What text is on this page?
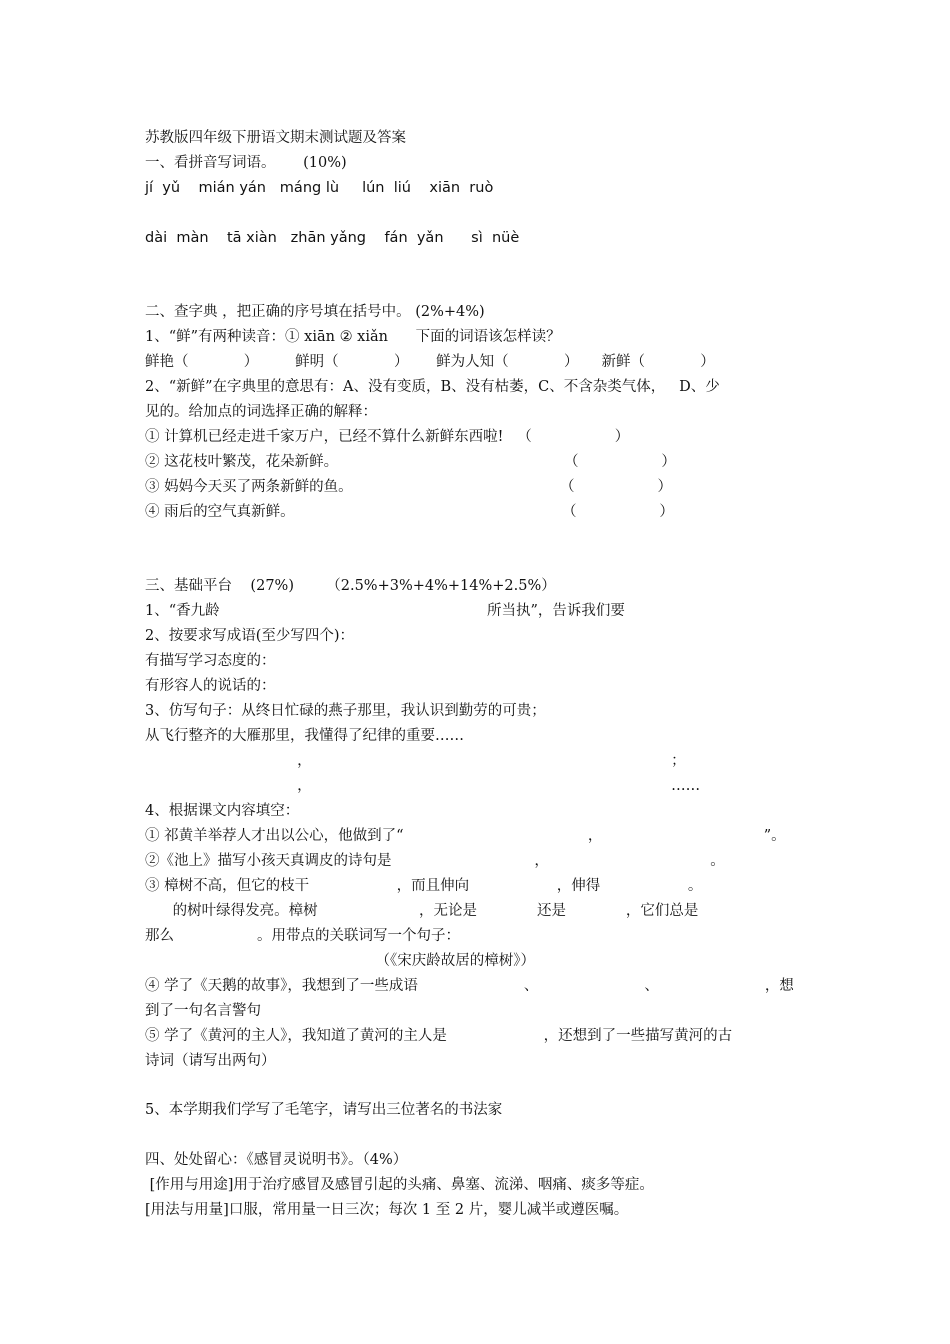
苏教版四年级下册语文期末测试题及答案
一、看拼音写词语。      (10%)
jí  yǔ    mián yán   máng lù     lún  liú    xiān  ruò
dài  màn    tā xiàn   zhān yǎng    fán  yǎn      sì  nüè
二、查字典 ，把正确的序号填在括号中。 (2%+4%)
1、“鲜”有两种读音：① xiān ② xiǎn      下面的词语该怎样读？
鲜艳（            ）        鲜明（            ）      鲜为人知（            ）     新鲜（            ）
2、“新鲜”在字典里的意思有：A、没有变质，B、没有枯萎，C、不含杂类气体，   D、少
见的。给加点的词选择正确的解释：
① 计算机已经走进千家万户，已经不算什么新鲜东西啦!   （                  ）
② 这花枝叶繁茂，花朵新鲜。                                                 （                  ）
③ 妈妈今天买了两条新鲜的鱼。                                             （                  ）
④ 雨后的空气真新鲜。                                                          （                  ）
三、基础平台    (27%)       （2.5%+3%+4%+14%+2.5%）
1、“香九龄                                                          所当执”，告诉我们要
2、按要求写成语(至少写四个)：
有描写学习态度的：
有形容人的说话的：
3、仿写句子：从终日忙碌的燕子那里，我认识到勤劳的可贵；
从飞行整齐的大雁那里，我懂得了纪律的重要……
，                                                                              ；
，                                                                              ……
4、根据课文内容填空：
① 祁黄羊举荐人才出以公心，他做到了“                                        ，                                   ”。
②《池上》描写小孩天真调皮的诗句是                               ，                                   。
③ 樟树不高，但它的枝干                   ，而且伸向                   ，伸得                   。
的树叶绿得发亮。樟树                      ，无论是             还是             ，它们总是
那么                  。用带点的关联词写一个句子：
（《宋庆龄故居的樟树》）
④ 学了《天鹅的故事》，我想到了一些成语                       、                       、                       ，想
到了一句名言警句
⑤ 学了《黄河的主人》，我知道了黄河的主人是                     ，还想到了一些描写黄河的古
诗词（请写出两句）
5、本学期我们学写了毛笔字，请写出三位著名的书法家
四、处处留心：《感冒灵说明书》。（4%）
[作用与用途]用于治疗感冒及感冒引起的头痛、鼻塞、流涕、咽痛、痰多等症。
[用法与用量]口服，常用量一日三次；每次 1 至 2 片，婴儿减半或遵医嘱。
